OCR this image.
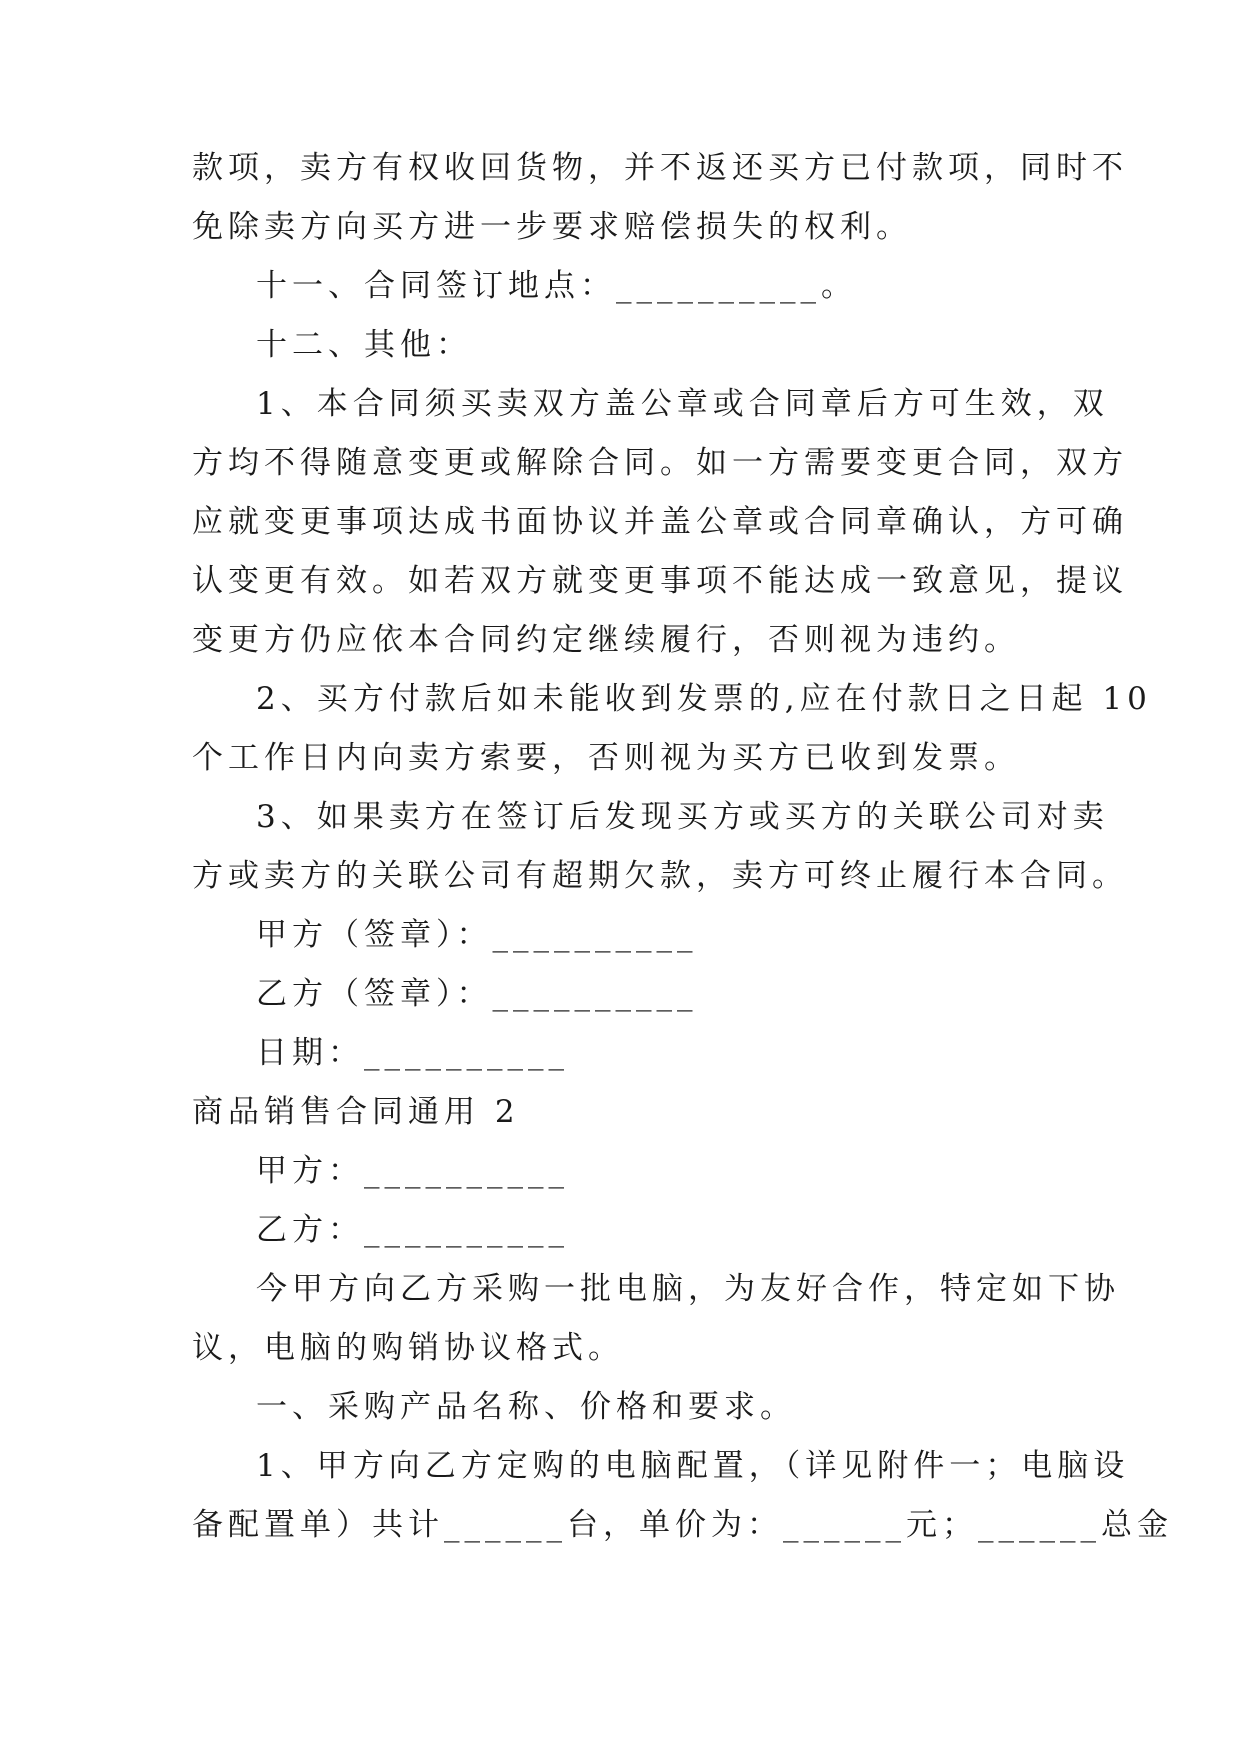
款项，卖方有权收回货物，并不返还买方已付款项，同时不
免除卖方向买方进一步要求赔偿损失的权利。
十一、合同签订地点：__________。
十二、其他：
1、本合同须买卖双方盖公章或合同章后方可生效，双
方均不得随意变更或解除合同。如一方需要变更合同，双方
应就变更事项达成书面协议并盖公章或合同章确认，方可确
认变更有效。如若双方就变更事项不能达成一致意见，提议
变更方仍应依本合同约定继续履行，否则视为违约。
2、买方付款后如未能收到发票的,应在付款日之日起 10
个工作日内向卖方索要，否则视为买方已收到发票。
3、如果卖方在签订后发现买方或买方的关联公司对卖
方或卖方的关联公司有超期欠款，卖方可终止履行本合同。
甲方（签章）：__________
乙方（签章）：__________
日期：__________
商品销售合同通用 2
甲方：__________
乙方：__________
今甲方向乙方采购一批电脑，为友好合作，特定如下协
议，电脑的购销协议格式。
一、采购产品名称、价格和要求。
1、甲方向乙方定购的电脑配置，（详见附件一；电脑设
备配置单）共计______台，单价为：______元；______总金
